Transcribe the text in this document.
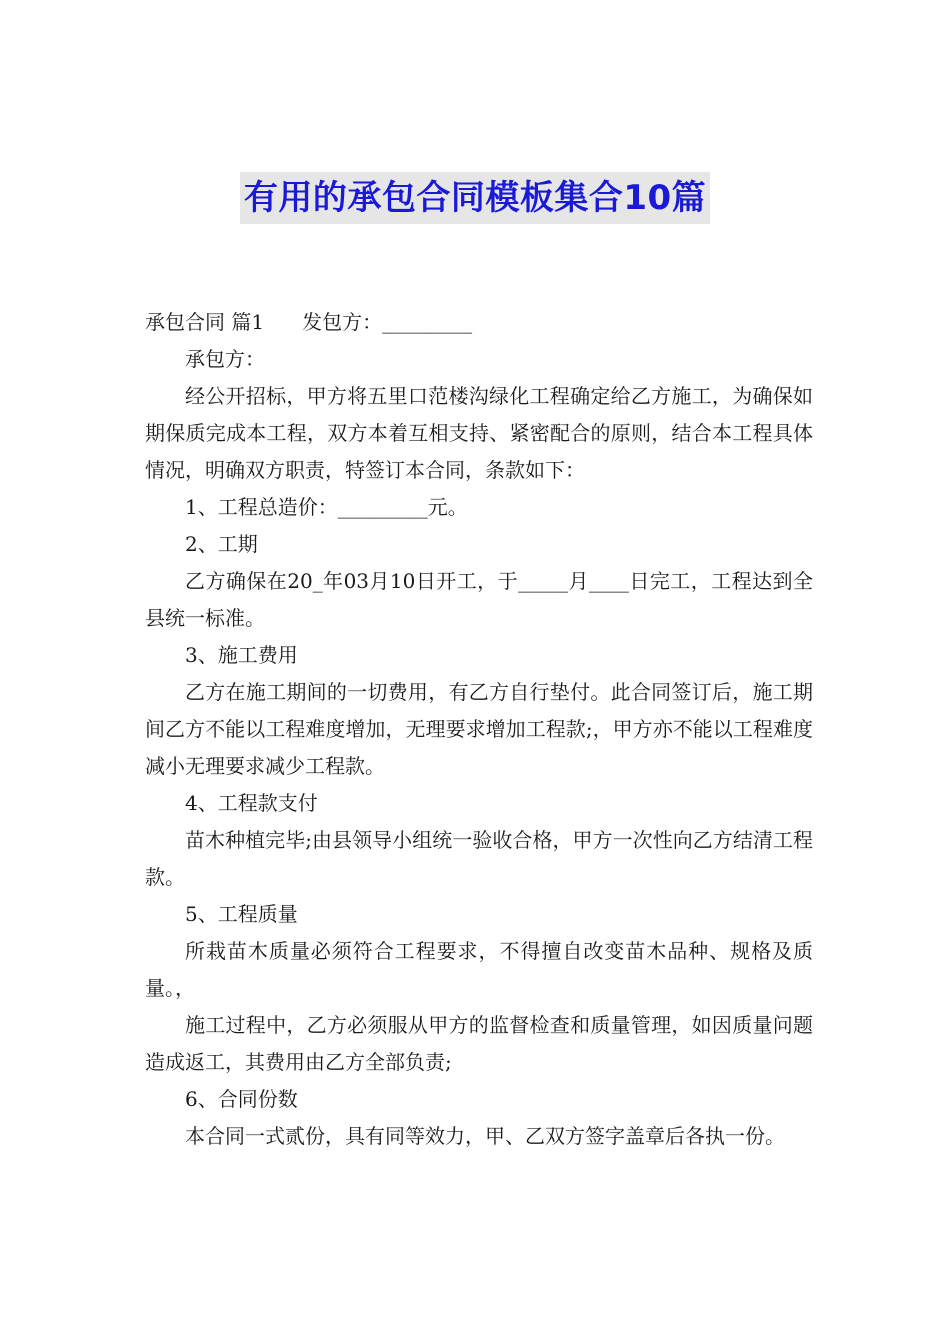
有用的承包合同模板集合10篇

承包合同 篇1 发包方：_________

承包方：

经公开招标，甲方将五里口范楼沟绿化工程确定给乙方施工，为确保如期保质完成本工程，双方本着互相支持、紧密配合的原则，结合本工程具体情况，明确双方职责，特签订本合同，条款如下：

1、工程总造价：_________元。

2、工期

乙方确保在20_年03月10日开工，于_____月____日完工，工程达到全县统一标准。

3、施工费用

乙方在施工期间的一切费用，有乙方自行垫付。此合同签订后，施工期间乙方不能以工程难度增加，无理要求增加工程款;，甲方亦不能以工程难度减小无理要求减少工程款。

4、工程款支付

苗木种植完毕;由县领导小组统一验收合格，甲方一次性向乙方结清工程款。

5、工程质量

所栽苗木质量必须符合工程要求，不得擅自改变苗木品种、规格及质量。，

施工过程中，乙方必须服从甲方的监督检查和质量管理，如因质量问题造成返工，其费用由乙方全部负责;

6、合同份数

本合同一式贰份，具有同等效力，甲、乙双方签字盖章后各执一份。
